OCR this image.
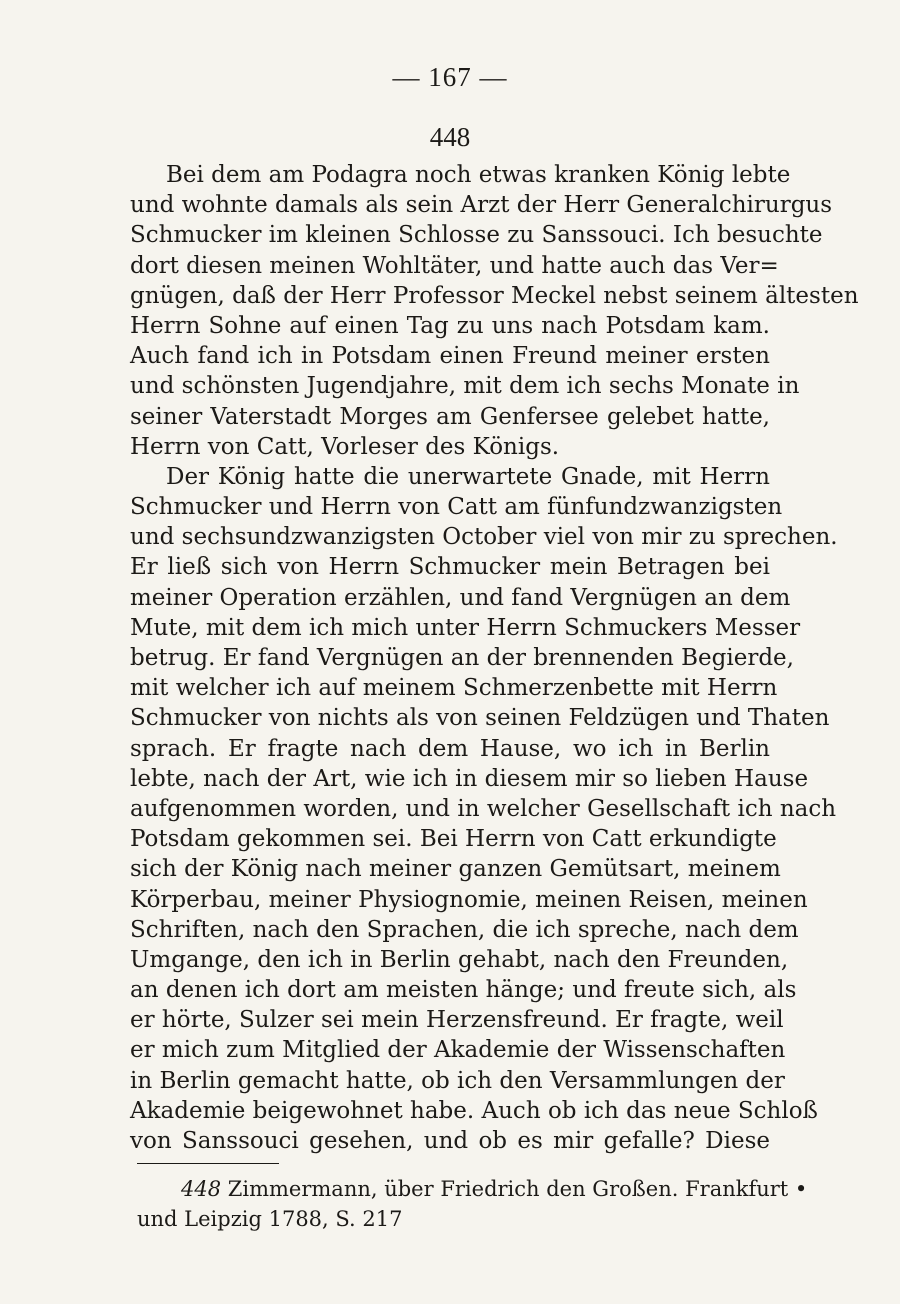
— 167 —
448
Bei dem am Podagra noch etwas kranken König lebte
und wohnte damals als sein Arzt der Herr Generalchirurgus
Schmucker im kleinen Schlosse zu Sanssouci. Ich besuchte
dort diesen meinen Wohltäter, und hatte auch das Ver=
gnügen, daß der Herr Professor Meckel nebst seinem ältesten
Herrn Sohne auf einen Tag zu uns nach Potsdam kam.
Auch fand ich in Potsdam einen Freund meiner ersten
und schönsten Jugendjahre, mit dem ich sechs Monate in
seiner Vaterstadt Morges am Genfersee gelebet hatte,
Herrn von Catt, Vorleser des Königs.
Der König hatte die unerwartete Gnade, mit Herrn
Schmucker und Herrn von Catt am fünfundzwanzigsten
und sechsundzwanzigsten October viel von mir zu sprechen.
Er ließ sich von Herrn Schmucker mein Betragen bei
meiner Operation erzählen, und fand Vergnügen an dem
Mute, mit dem ich mich unter Herrn Schmuckers Messer
betrug. Er fand Vergnügen an der brennenden Begierde,
mit welcher ich auf meinem Schmerzenbette mit Herrn
Schmucker von nichts als von seinen Feldzügen und Thaten
sprach. Er fragte nach dem Hause, wo ich in Berlin
lebte, nach der Art, wie ich in diesem mir so lieben Hause
aufgenommen worden, und in welcher Gesellschaft ich nach
Potsdam gekommen sei. Bei Herrn von Catt erkundigte
sich der König nach meiner ganzen Gemütsart, meinem
Körperbau, meiner Physiognomie, meinen Reisen, meinen
Schriften, nach den Sprachen, die ich spreche, nach dem
Umgange, den ich in Berlin gehabt, nach den Freunden,
an denen ich dort am meisten hänge; und freute sich, als
er hörte, Sulzer sei mein Herzensfreund. Er fragte, weil
er mich zum Mitglied der Akademie der Wissenschaften
in Berlin gemacht hatte, ob ich den Versammlungen der
Akademie beigewohnet habe. Auch ob ich das neue Schloß
von Sanssouci gesehen, und ob es mir gefalle? Diese
448 Zimmermann, über Friedrich den Großen. Frankfurt •
und Leipzig 1788, S. 217
